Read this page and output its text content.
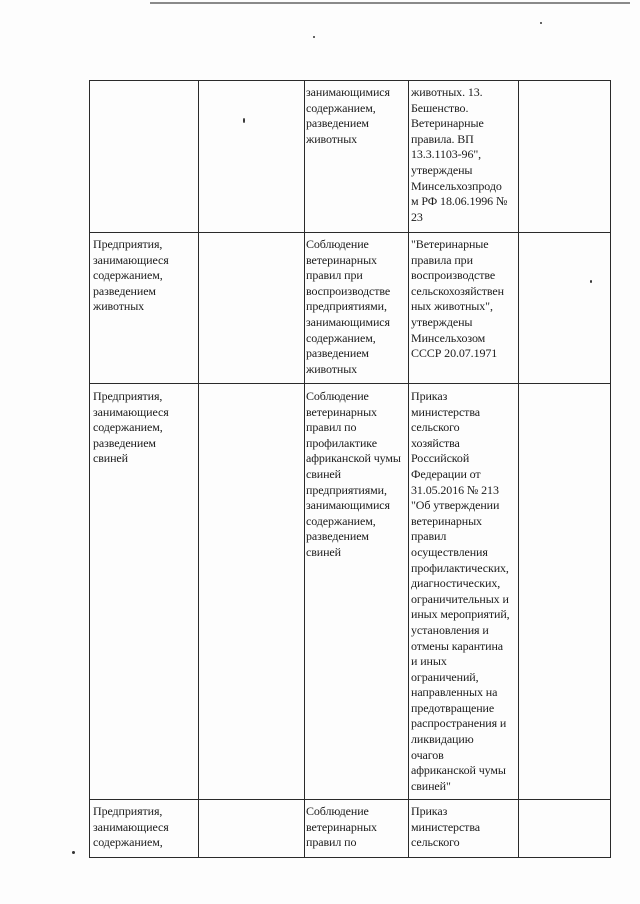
занимающимися
содержанием,
разведением
животных
животных. 13.
Бешенство.
Ветеринарные
правила. ВП
13.3.1103-96",
утверждены
Минсельхозпродо
м РФ 18.06.1996 №
23
Предприятия,
занимающиеся
содержанием,
разведением
животных
Соблюдение
ветеринарных
правил при
воспроизводстве
предприятиями,
занимающимися
содержанием,
разведением
животных
"Ветеринарные
правила при
воспроизводстве
сельскохозяйствен
ных животных",
утверждены
Минсельхозом
СССР 20.07.1971
Предприятия,
занимающиеся
содержанием,
разведением
свиней
Соблюдение
ветеринарных
правил по
профилактике
африканской чумы
свиней
предприятиями,
занимающимися
содержанием,
разведением
свиней
Приказ
министерства
сельского
хозяйства
Российской
Федерации от
31.05.2016 № 213
"Об утверждении
ветеринарных
правил
осуществления
профилактических,
диагностических,
ограничительных и
иных мероприятий,
установления и
отмены карантина
и иных
ограничений,
направленных на
предотвращение
распространения и
ликвидацию
очагов
африканской чумы
свиней"
Предприятия,
занимающиеся
содержанием,
Соблюдение
ветеринарных
правил по
Приказ
министерства
сельского
